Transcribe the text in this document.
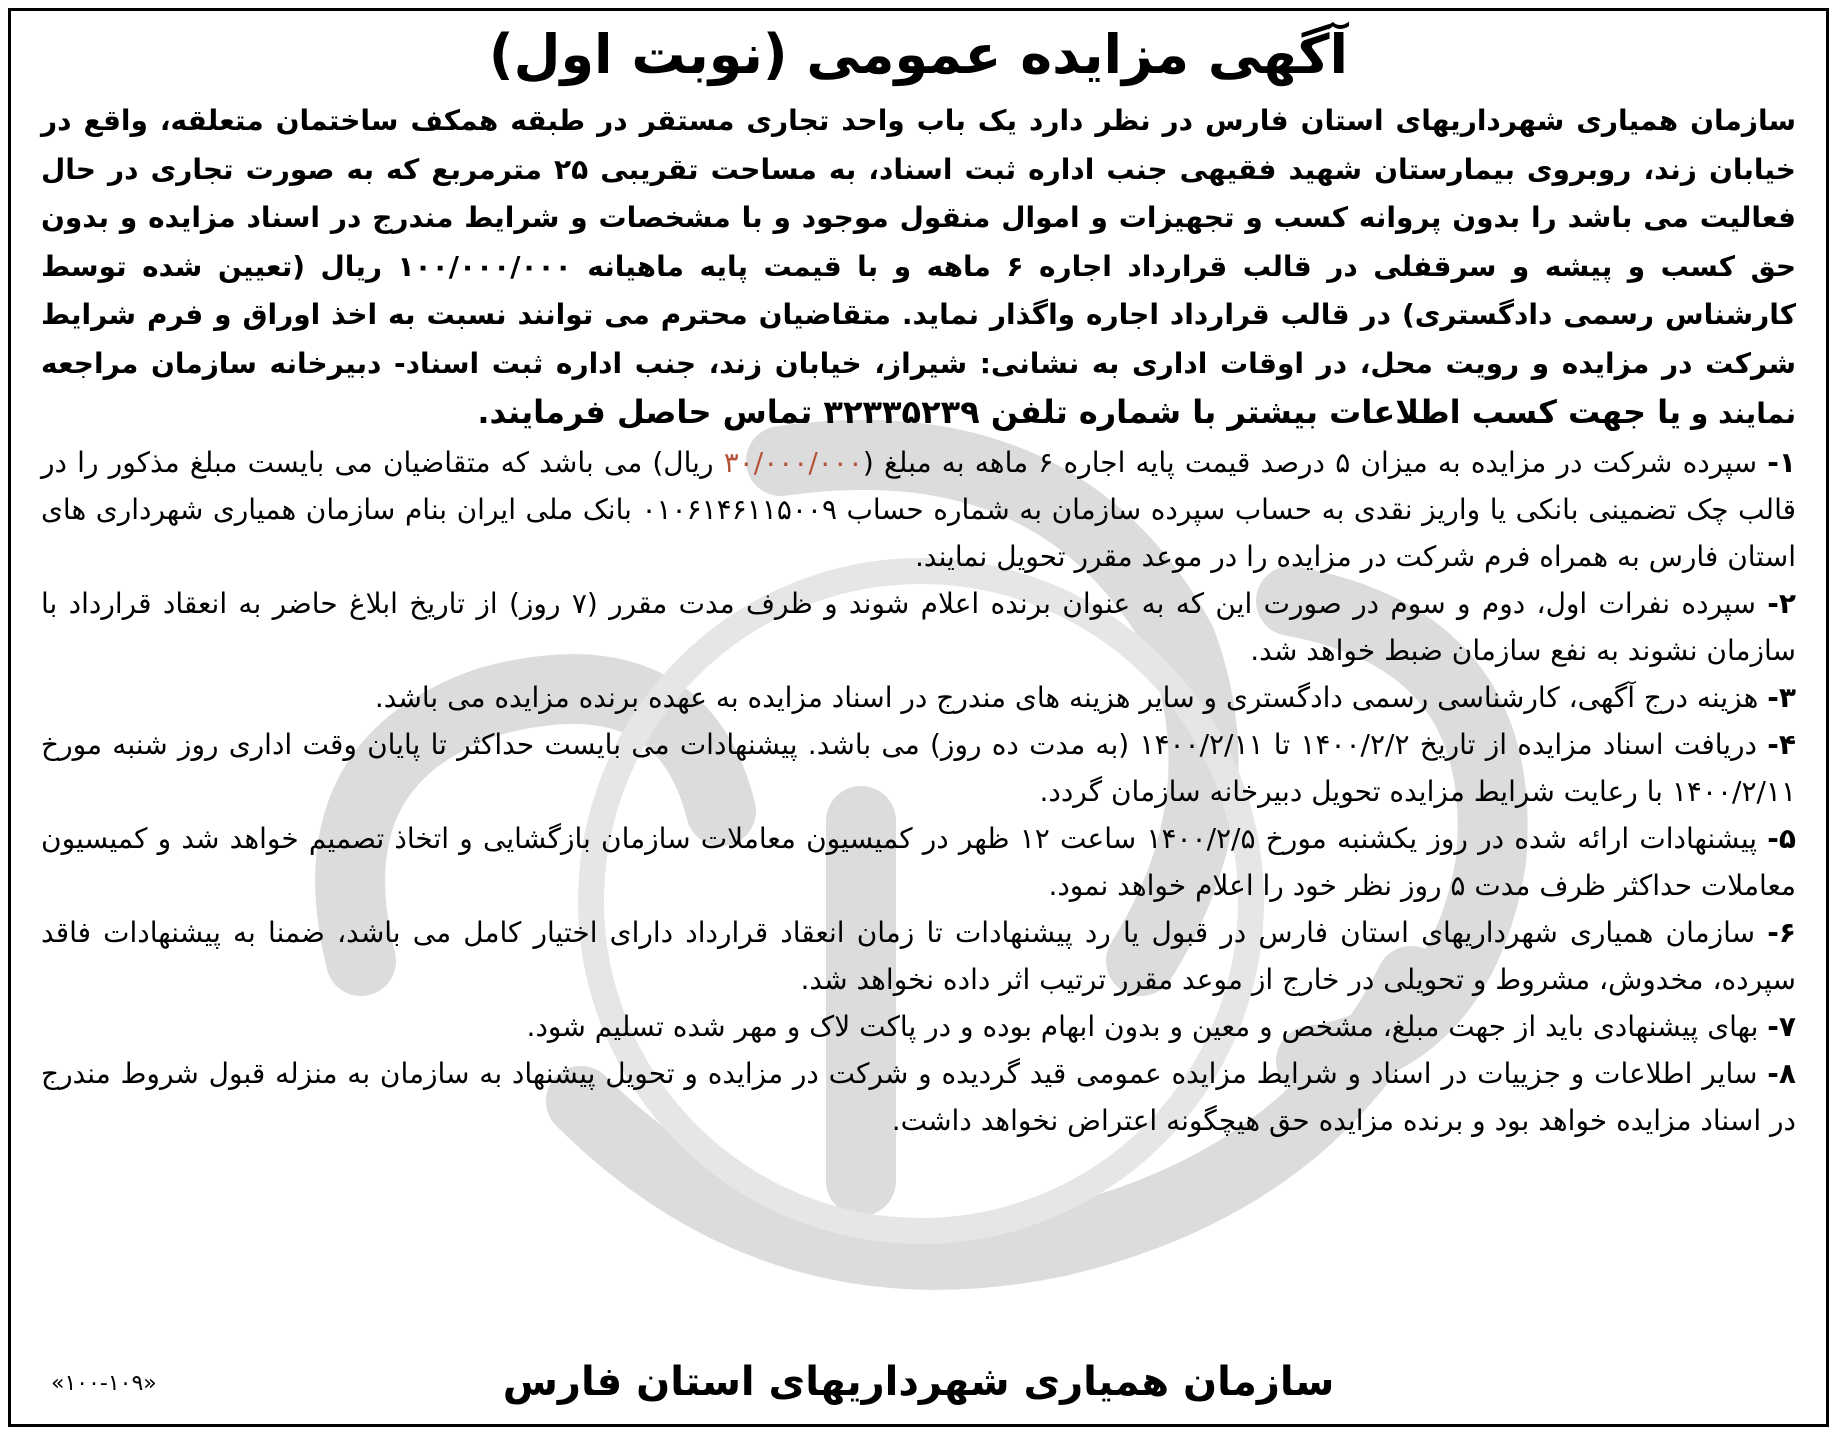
آگهی مزایده عمومی (نوبت اول)

سازمان همیاری شهرداریهای استان فارس در نظر دارد یک باب واحد تجاری مستقر در طبقه همکف ساختمان متعلقه، واقع در خیابان زند، روبروی بیمارستان شهید فقیهی جنب اداره ثبت اسناد، به مساحت تقریبی ۲۵ مترمربع که به صورت تجاری در حال فعالیت می باشد را بدون پروانه کسب و تجهیزات و اموال منقول موجود و با مشخصات و شرایط مندرج در اسناد مزایده و بدون حق کسب و پیشه و سرقفلی در قالب قرارداد اجاره ۶ ماهه و با قیمت پایه ماهیانه ۱۰۰/۰۰۰/۰۰۰ ریال (تعیین شده توسط کارشناس رسمی دادگستری) در قالب قرارداد اجاره واگذار نماید. متقاضیان محترم می توانند نسبت به اخذ اوراق و فرم شرایط شرکت در مزایده و رویت محل، در اوقات اداری به نشانی: شیراز، خیابان زند، جنب اداره ثبت اسناد- دبیرخانه سازمان مراجعه نمایند و یا جهت کسب اطلاعات بیشتر با شماره تلفن ۳۲۳۳۵۲۳۹ تماس حاصل فرمایند.

۱- سپرده شرکت در مزایده به میزان ۵ درصد قیمت پایه اجاره ۶ ماهه به مبلغ (۳۰/۰۰۰/۰۰۰ ریال) می باشد که متقاضیان می بایست مبلغ مذکور را در قالب چک تضمینی بانکی یا واریز نقدی به حساب سپرده سازمان به شماره حساب ۰۱۰۶۱۴۶۱۱۵۰۰۹ بانک ملی ایران بنام سازمان همیاری شهرداری های استان فارس به همراه فرم شرکت در مزایده را در موعد مقرر تحویل نمایند.

۲- سپرده نفرات اول، دوم و سوم در صورت این که به عنوان برنده اعلام شوند و ظرف مدت مقرر (۷ روز) از تاریخ ابلاغ حاضر به انعقاد قرارداد با سازمان نشوند به نفع سازمان ضبط خواهد شد.

۳- هزینه درج آگهی، کارشناسی رسمی دادگستری و سایر هزینه های مندرج در اسناد مزایده به عهده برنده مزایده می باشد.

۴- دریافت اسناد مزایده از تاریخ ۱۴۰۰/۲/۲ تا ۱۴۰۰/۲/۱۱ (به مدت ده روز) می باشد. پیشنهادات می بایست حداکثر تا پایان وقت اداری روز شنبه مورخ ۱۴۰۰/۲/۱۱ با رعایت شرایط مزایده تحویل دبیرخانه سازمان گردد.

۵- پیشنهادات ارائه شده در روز یکشنبه مورخ ۱۴۰۰/۲/۵ ساعت ۱۲ ظهر در کمیسیون معاملات سازمان بازگشایی و اتخاذ تصمیم خواهد شد و کمیسیون معاملات حداکثر ظرف مدت ۵ روز نظر خود را اعلام خواهد نمود.

۶- سازمان همیاری شهرداریهای استان فارس در قبول یا رد پیشنهادات تا زمان انعقاد قرارداد دارای اختیار کامل می باشد، ضمنا به پیشنهادات فاقد سپرده، مخدوش، مشروط و تحویلی در خارج از موعد مقرر ترتیب اثر داده نخواهد شد.

۷- بهای پیشنهادی باید از جهت مبلغ، مشخص و معین و بدون ابهام بوده و در پاکت لاک و مهر شده تسلیم شود.

۸- سایر اطلاعات و جزییات در اسناد و شرایط مزایده عمومی قید گردیده و شرکت در مزایده و تحویل پیشنهاد به سازمان به منزله قبول شروط مندرج در اسناد مزایده خواهد بود و برنده مزایده حق هیچگونه اعتراض نخواهد داشت.

سازمان همیاری شهرداریهای استان فارس
«۱۰۰-۱۰۹»
